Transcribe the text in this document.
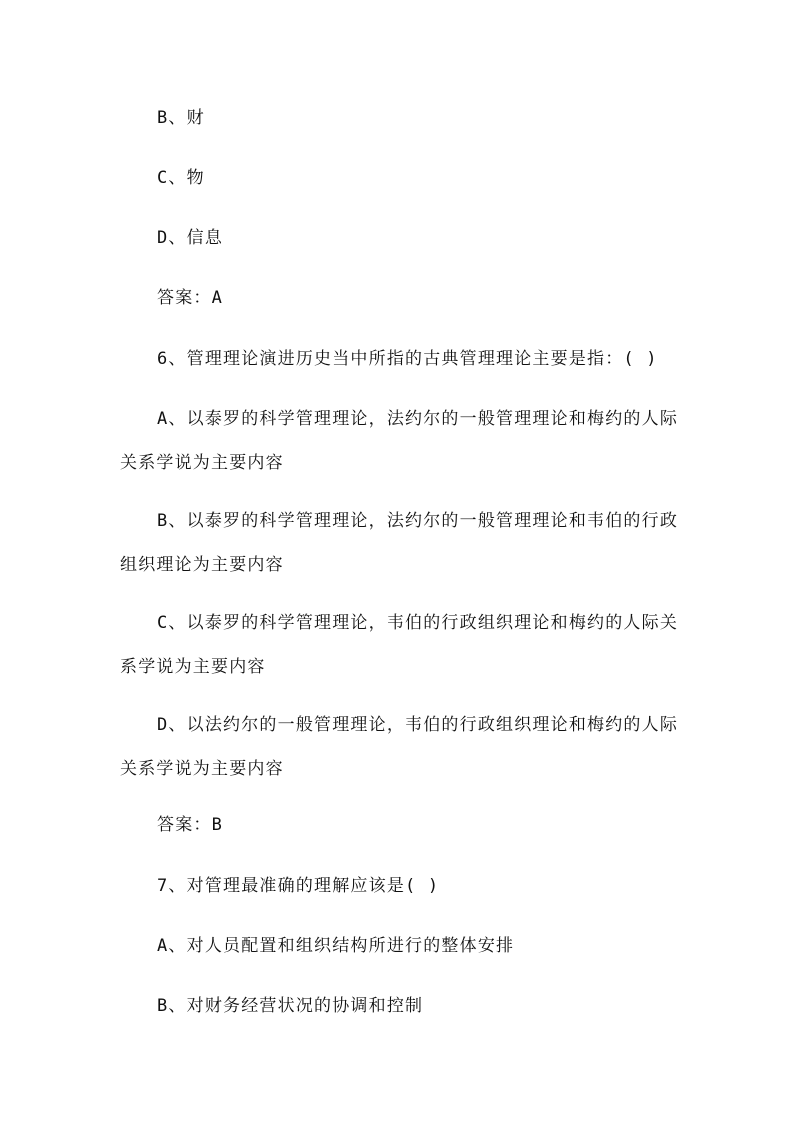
B、财
C、物
D、信息
答案：A
6、管理理论演进历史当中所指的古典管理理论主要是指：( )

A、以泰罗的科学管理理论，法约尔的一般管理理论和梅约的人际关系学说为主要内容

B、以泰罗的科学管理理论，法约尔的一般管理理论和韦伯的行政组织理论为主要内容

C、以泰罗的科学管理理论，韦伯的行政组织理论和梅约的人际关系学说为主要内容

D、以法约尔的一般管理理论，韦伯的行政组织理论和梅约的人际关系学说为主要内容

答案：B
7、对管理最准确的理解应该是( )
A、对人员配置和组织结构所进行的整体安排
B、对财务经营状况的协调和控制
